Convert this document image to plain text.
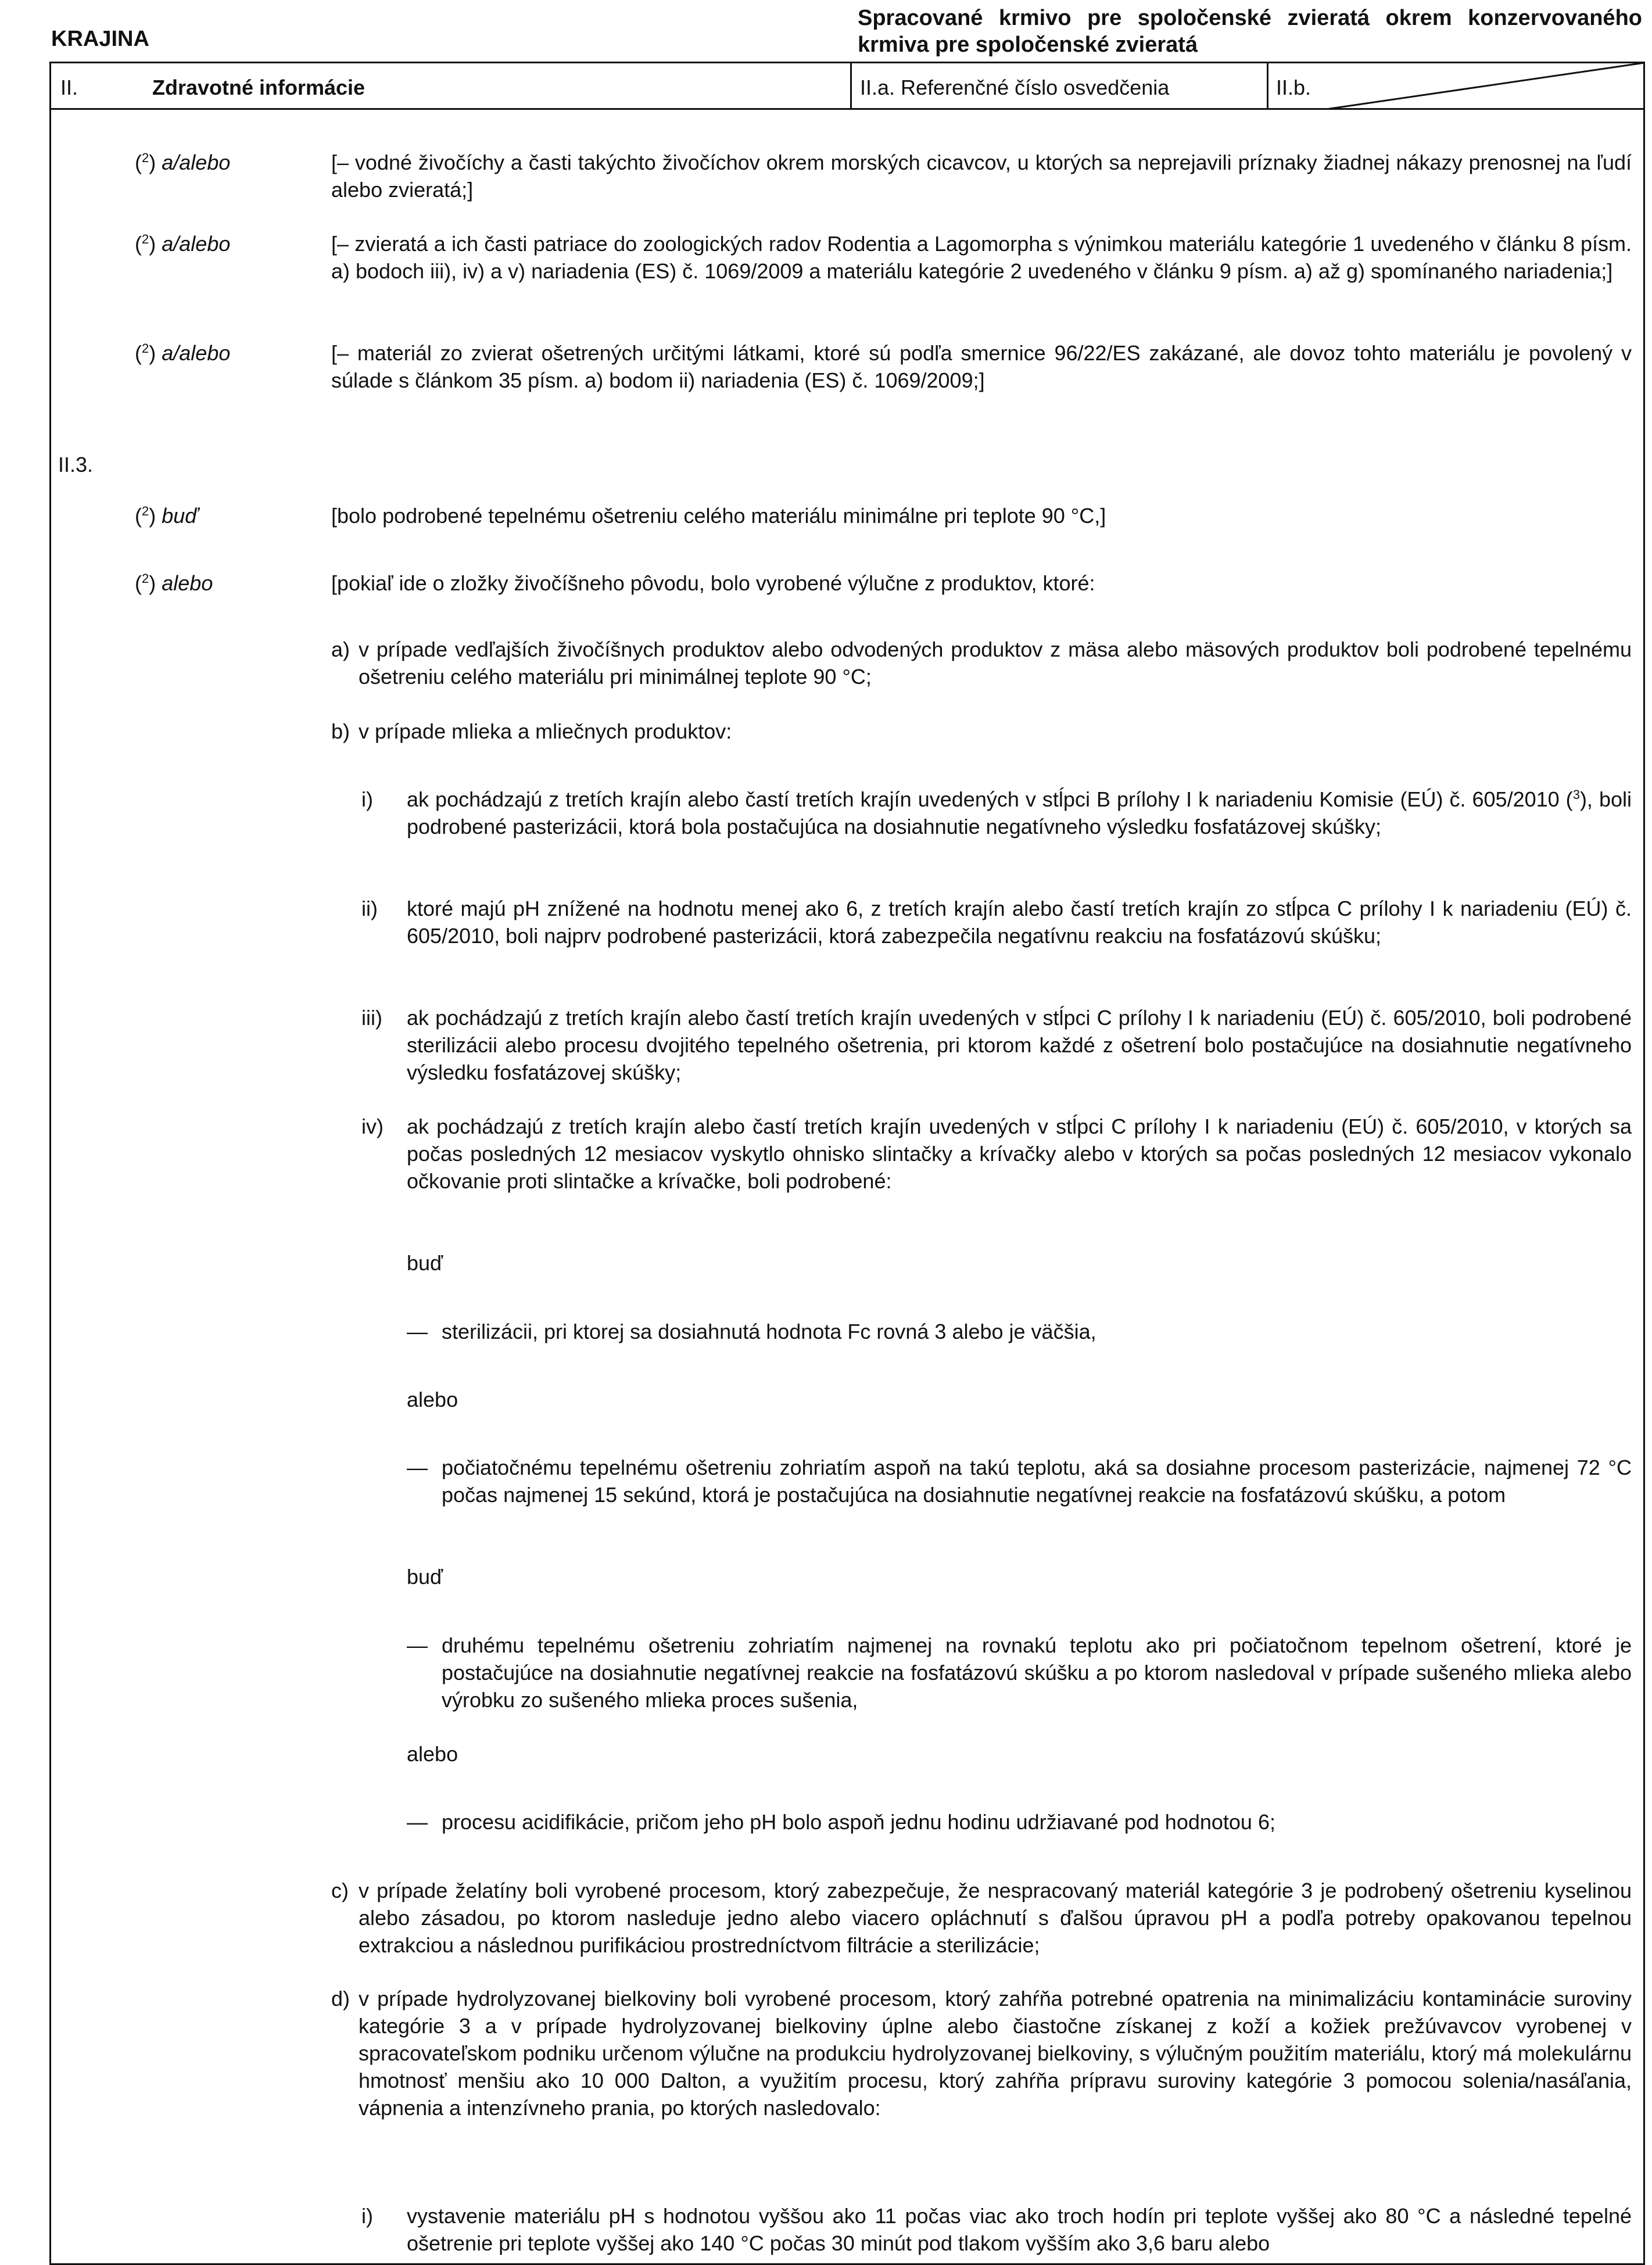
KRAJINA
Spracované krmivo pre spoločenské zvieratá okrem konzervovaného krmiva pre spoločenské zvieratá
II.	Zdravotné informácie	II.a. Referenčné číslo osvedčenia	II.b.
II.3.
($^2$) a/alebo	[– vodné živočíchy a časti takýchto živočíchov okrem morských cicavcov, u ktorých sa neprejavili príznaky žiadnej nákazy prenosnej na ľudí alebo zvieratá;]
($^2$) a/alebo	[– zvieratá a ich časti patriace do zoologických radov Rodentia a Lagomorpha s výnimkou materiálu kategórie 1 uvedeného v článku 8 písm. a) bodoch iii), iv) a v) nariadenia (ES) č. 1069/2009 a materiálu kategórie 2 uvedeného v článku 9 písm. a) až g) spomínaného nariadenia;]
($^2$) a/alebo	[– materiál zo zvierat ošetrených určitými látkami, ktoré sú podľa smernice 96/22/ES zakázané, ale dovoz tohto materiálu je povolený v súlade s článkom 35 písm. a) bodom ii) nariadenia (ES) č. 1069/2009;]
($^2$) buď	[bolo podrobené tepelnému ošetreniu celého materiálu minimálne pri teplote 90 °C,]
($^2$) alebo	[pokiaľ ide o zložky živočíšneho pôvodu, bolo vyrobené výlučne z produktov, ktoré:
a) v prípade vedľajších živočíšnych produktov alebo odvodených produktov z mäsa alebo mäsových produktov boli podrobené tepelnému ošetreniu celého materiálu pri minimálnej teplote 90 °C;
b) v prípade mlieka a mliečnych produktov:
i) ak pochádzajú z tretích krajín alebo častí tretích krajín uvedených v stĺpci B prílohy I k nariadeniu Komisie (EÚ) č. 605/2010 ($^3$), boli podrobené pasterizácii, ktorá bola postačujúca na dosiahnutie negatívneho výsledku fosfatázovej skúšky;
ii) ktoré majú pH znížené na hodnotu menej ako 6, z tretích krajín alebo častí tretích krajín zo stĺpca C prílohy I k nariadeniu (EÚ) č. 605/2010, boli najprv podrobené pasterizácii, ktorá zabezpečila negatívnu reakciu na fosfatázovú skúšku;
iii) ak pochádzajú z tretích krajín alebo častí tretích krajín uvedených v stĺpci C prílohy I k nariadeniu (EÚ) č. 605/2010, boli podrobené sterilizácii alebo procesu dvojitého tepelného ošetrenia, pri ktorom každé z ošetrení bolo postačujúce na dosiahnutie negatívneho výsledku fosfatázovej skúšky;
iv) ak pochádzajú z tretích krajín alebo častí tretích krajín uvedených v stĺpci C prílohy I k nariadeniu (EÚ) č. 605/2010, v ktorých sa počas posledných 12 mesiacov vyskytlo ohnisko slintačky a krívačky alebo v ktorých sa počas posledných 12 mesiacov vykonalo očkovanie proti slintačke a krívačke, boli podrobené:
buď
— sterilizácii, pri ktorej sa dosiahnutá hodnota Fc rovná 3 alebo je väčšia,
alebo
— počiatočnému tepelnému ošetreniu zohriatím aspoň na takú teplotu, aká sa dosiahne procesom pasterizácie, najmenej 72 °C počas najmenej 15 sekúnd, ktorá je postačujúca na dosiahnutie negatívnej reakcie na fosfatázovú skúšku, a potom
buď
— druhému tepelnému ošetreniu zohriatím najmenej na rovnakú teplotu ako pri počiatočnom tepelnom ošetrení, ktoré je postačujúce na dosiahnutie negatívnej reakcie na fosfatázovú skúšku a po ktorom nasledoval v prípade sušeného mlieka alebo výrobku zo sušeného mlieka proces sušenia,
alebo
— procesu acidifikácie, pričom jeho pH bolo aspoň jednu hodinu udržiavané pod hodnotou 6;
c) v prípade želatíny boli vyrobené procesom, ktorý zabezpečuje, že nespracovaný materiál kategórie 3 je podrobený ošetreniu kyselinou alebo zásadou, po ktorom nasleduje jedno alebo viacero opláchnutí s ďalšou úpravou pH a podľa potreby opakovanou tepelnou extrakciou a následnou purifikáciou prostredníctvom filtrácie a sterilizácie;
d) v prípade hydrolyzovanej bielkoviny boli vyrobené procesom, ktorý zahŕňa potrebné opatrenia na minimalizáciu kontaminácie suroviny kategórie 3 a v prípade hydrolyzovanej bielkoviny úplne alebo čiastočne získanej z koží a kožiek prežúvavcov vyrobenej v spracovateľskom podniku určenom výlučne na produkciu hydrolyzovanej bielkoviny, s výlučným použitím materiálu, ktorý má molekulárnu hmotnosť menšiu ako 10 000 Dalton, a využitím procesu, ktorý zahŕňa prípravu suroviny kategórie 3 pomocou solenia/nasáľania, vápnenia a intenzívneho prania, po ktorých nasledovalo:
i) vystavenie materiálu pH s hodnotou vyššou ako 11 počas viac ako troch hodín pri teplote vyššej ako 80 °C a následné tepelné ošetrenie pri teplote vyššej ako 140 °C počas 30 minút pod tlakom vyšším ako 3,6 baru alebo
